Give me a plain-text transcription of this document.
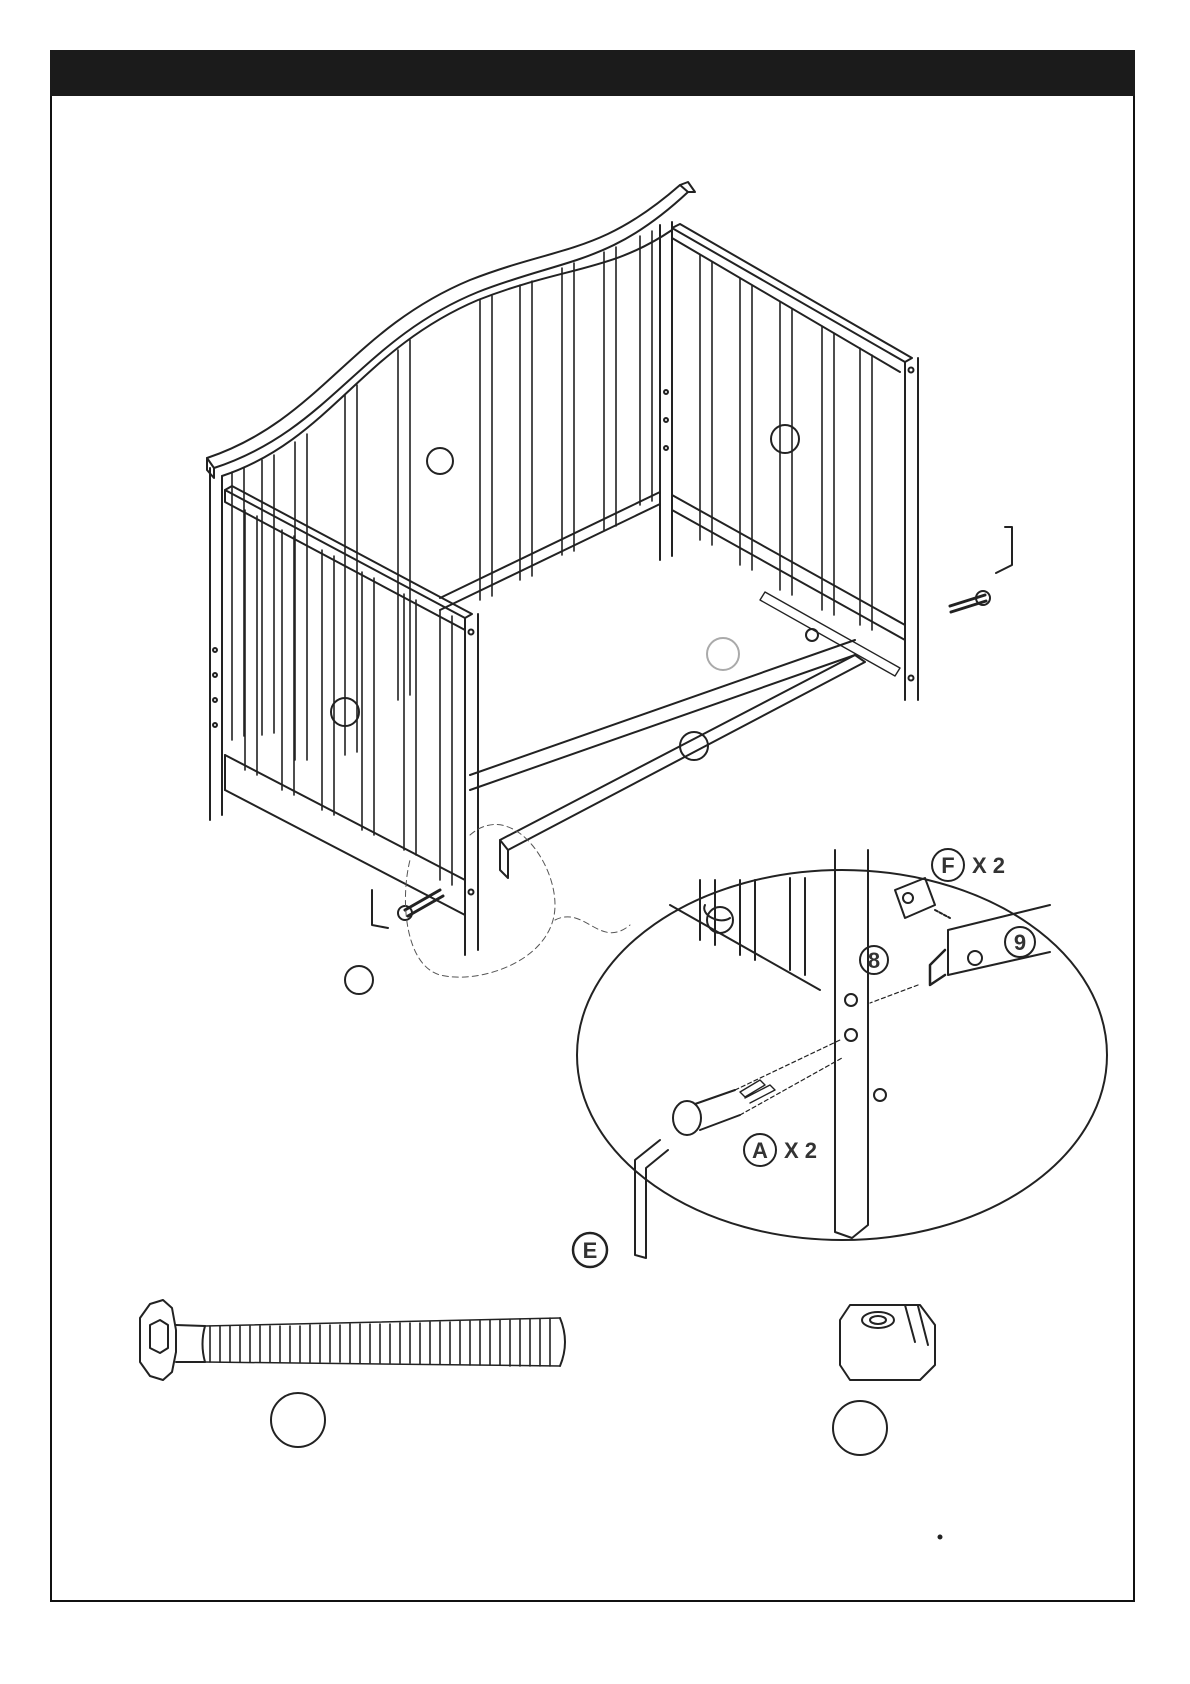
F X 2
A X 2
E
8
9
